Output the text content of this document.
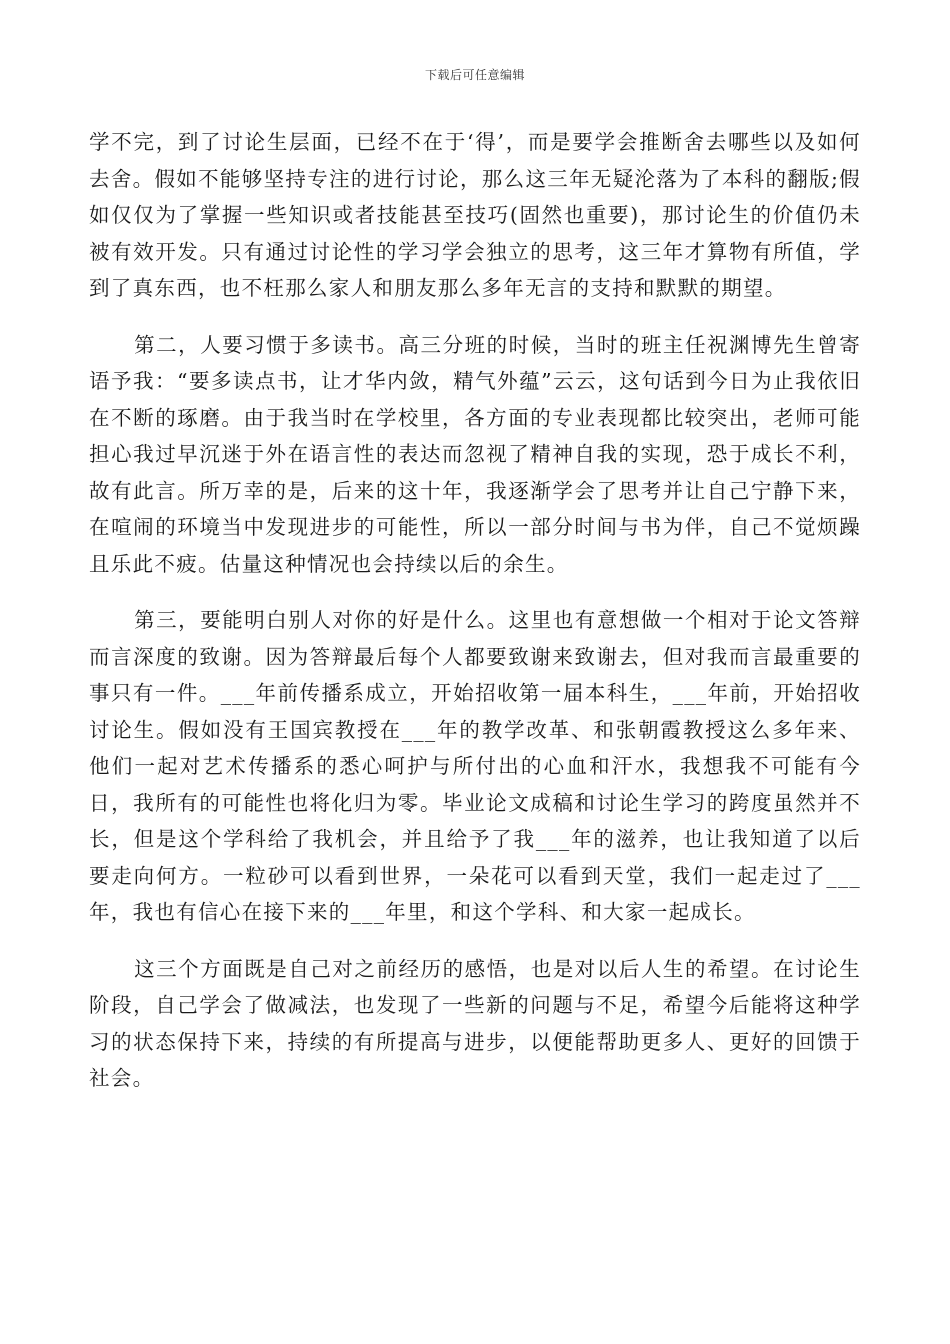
下载后可任意编辑

学不完，到了讨论生层面，已经不在于‘得’，而是要学会推断舍去哪些以及如何去舍。假如不能够坚持专注的进行讨论，那么这三年无疑沦落为了本科的翻版;假如仅仅为了掌握一些知识或者技能甚至技巧(固然也重要)，那讨论生的价值仍未被有效开发。只有通过讨论性的学习学会独立的思考，这三年才算物有所值，学到了真东西，也不枉那么家人和朋友那么多年无言的支持和默默的期望。

第二，人要习惯于多读书。高三分班的时候，当时的班主任祝渊博先生曾寄语予我：“要多读点书，让才华内敛，精气外蕴”云云，这句话到今日为止我依旧在不断的琢磨。由于我当时在学校里，各方面的专业表现都比较突出，老师可能担心我过早沉迷于外在语言性的表达而忽视了精神自我的实现，恐于成长不利，故有此言。所万幸的是，后来的这十年，我逐渐学会了思考并让自己宁静下来，在喧闹的环境当中发现进步的可能性，所以一部分时间与书为伴，自己不觉烦躁且乐此不疲。估量这种情况也会持续以后的余生。

第三，要能明白别人对你的好是什么。这里也有意想做一个相对于论文答辩而言深度的致谢。因为答辩最后每个人都要致谢来致谢去，但对我而言最重要的事只有一件。___年前传播系成立，开始招收第一届本科生，___年前，开始招收讨论生。假如没有王国宾教授在___年的教学改革、和张朝霞教授这么多年来、他们一起对艺术传播系的悉心呵护与所付出的心血和汗水，我想我不可能有今日，我所有的可能性也将化归为零。毕业论文成稿和讨论生学习的跨度虽然并不长，但是这个学科给了我机会，并且给予了我___年的滋养，也让我知道了以后要走向何方。一粒砂可以看到世界，一朵花可以看到天堂，我们一起走过了___年，我也有信心在接下来的___年里，和这个学科、和大家一起成长。

这三个方面既是自己对之前经历的感悟，也是对以后人生的希望。在讨论生阶段，自己学会了做减法，也发现了一些新的问题与不足，希望今后能将这种学习的状态保持下来，持续的有所提高与进步，以便能帮助更多人、更好的回馈于社会。
